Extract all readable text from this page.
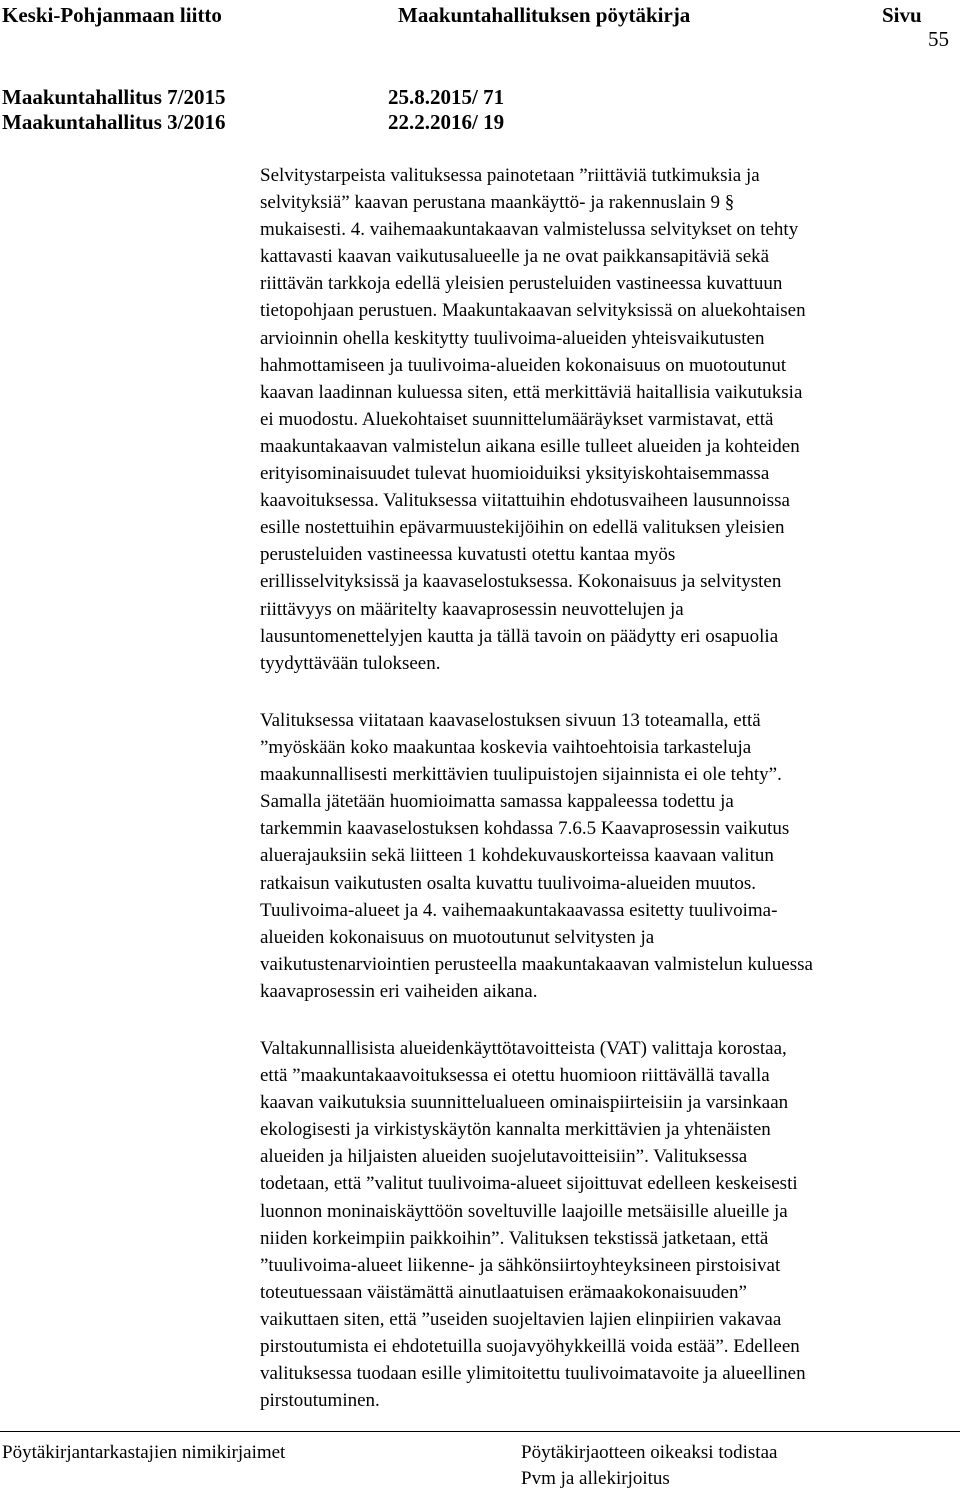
Keski-Pohjanmaan liitto	Maakuntahallituksen pöytäkirja	Sivu
55
Maakuntahallitus 7/2015	25.8.2015/ 71
Maakuntahallitus 3/2016	22.2.2016/ 19
Selvitystarpeista valituksessa painotetaan ”riittäviä tutkimuksia ja
selvityksiä” kaavan perustana maankäyttö- ja rakennuslain 9 §
mukaisesti. 4. vaihemaakuntakaavan valmistelussa selvitykset on tehty
kattavasti kaavan vaikutusalueelle ja ne ovat paikkansapitäviä sekä
riittävän tarkkoja edellä yleisien perusteluiden vastineessa kuvattuun
tietopohjaan perustuen. Maakuntakaavan selvityksissä on aluekohtaisen
arvioinnin ohella keskitytty tuulivoima-alueiden yhteisvaikutusten
hahmottamiseen ja tuulivoima-alueiden kokonaisuus on muotoutunut
kaavan laadinnan kuluessa siten, että merkittäviä haitallisia vaikutuksia
ei muodostu. Aluekohtaiset suunnittelumääräykset varmistavat, että
maakuntakaavan valmistelun aikana esille tulleet alueiden ja kohteiden
erityisominaisuudet tulevat huomioiduiksi yksityiskohtaisemmassa
kaavoituksessa. Valituksessa viitattuihin ehdotusvaiheen lausunnoissa
esille nostettuihin epävarmuustekijöihin on edellä valituksen yleisien
perusteluiden vastineessa kuvatusti otettu kantaa myös
erillisselvityksissä ja kaavaselostuksessa. Kokonaisuus ja selvitysten
riittävyys on määritelty kaavaprosessin neuvottelujen ja
lausuntomenettelyjen kautta ja tällä tavoin on päädytty eri osapuolia
tyydyttävään tulokseen.
Valituksessa viitataan kaavaselostuksen sivuun 13 toteamalla, että
”myöskään koko maakuntaa koskevia vaihtoehtoisia tarkasteluja
maakunnallisesti merkittävien tuulipuistojen sijainnista ei ole tehty”.
Samalla jätetään huomioimatta samassa kappaleessa todettu ja
tarkemmin kaavaselostuksen kohdassa 7.6.5 Kaavaprosessin vaikutus
aluerajauksiin sekä liitteen 1 kohdekuvauskorteissa kaavaan valitun
ratkaisun vaikutusten osalta kuvattu tuulivoima-alueiden muutos.
Tuulivoima-alueet ja 4. vaihemaakuntakaavassa esitetty tuulivoima-
alueiden kokonaisuus on muotoutunut selvitysten ja
vaikutustenarviointien perusteella maakuntakaavan valmistelun kuluessa
kaavaprosessin eri vaiheiden aikana.
Valtakunnallisista alueidenkäyttötavoitteista (VAT) valittaja korostaa,
että ”maakuntakaavoituksessa ei otettu huomioon riittävällä tavalla
kaavan vaikutuksia suunnittelualueen ominaispiirteisiin ja varsinkaan
ekologisesti ja virkistyskäytön kannalta merkittävien ja yhtenäisten
alueiden ja hiljaisten alueiden suojelutavoitteisiin”. Valituksessa
todetaan, että ”valitut tuulivoima-alueet sijoittuvat edelleen keskeisesti
luonnon moninaiskäyttöön soveltuville laajoille metsäisille alueille ja
niiden korkeimpiin paikkoihin”. Valituksen tekstissä jatketaan, että
”tuulivoima-alueet liikenne- ja sähkönsiirtoyhteyksineen pirstoisivat
toteutuessaan väistämättä ainutlaatuisen erämaakokonaisuuden”
vaikuttaen siten, että ”useiden suojeltavien lajien elinpiirien vakavaa
pirstoutumista ei ehdotetuilla suojavyöhykkeillä voida estää”. Edelleen
valituksessa tuodaan esille ylimitoitettu tuulivoimatavoite ja alueellinen
pirstoutuminen.
Pöytäkirjantarkastajien nimikirjaimet	Pöytäkirjaotteen oikeaksi todistaa
Pvm ja allekirjoitus
